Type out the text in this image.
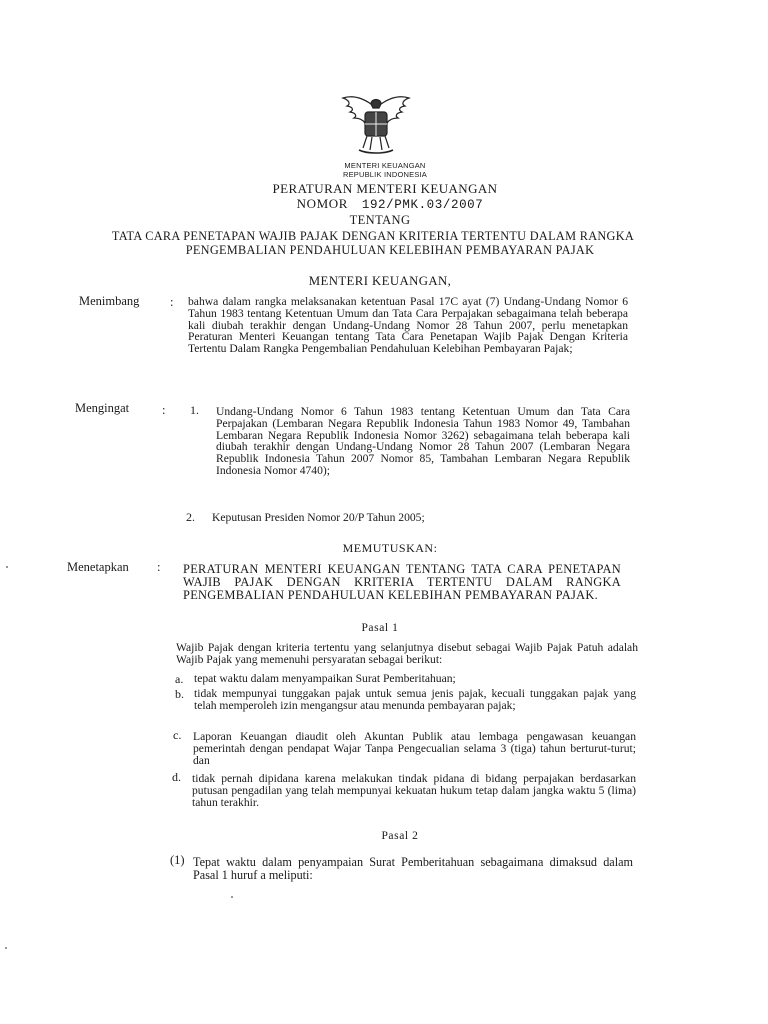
MENTERI KEUANGAN
REPUBLIK INDONESIA
PERATURAN MENTERI KEUANGAN
NOMOR 192/PMK.03/2007
TENTANG
TATA CARA PENETAPAN WAJIB PAJAK DENGAN KRITERIA TERTENTU DALAM RANGKA
PENGEMBALIAN PENDAHULUAN KELEBIHAN PEMBAYARAN PAJAK
MENTERI KEUANGAN,
Menimbang : bahwa dalam rangka melaksanakan ketentuan Pasal 17C ayat (7) Undang-Undang Nomor 6 Tahun 1983 tentang Ketentuan Umum dan Tata Cara Perpajakan sebagaimana telah beberapa kali diubah terakhir dengan Undang-Undang Nomor 28 Tahun 2007, perlu menetapkan Peraturan Menteri Keuangan tentang Tata Cara Penetapan Wajib Pajak Dengan Kriteria Tertentu Dalam Rangka Pengembalian Pendahuluan Kelebihan Pembayaran Pajak;
Mengingat	: 1. Undang-Undang Nomor 6 Tahun 1983 tentang Ketentuan Umum dan Tata Cara Perpajakan (Lembaran Negara Republik Indonesia Tahun 1983 Nomor 49, Tambahan Lembaran Negara Republik Indonesia Nomor 3262) sebagaimana telah beberapa kali diubah terakhir dengan Undang-Undang Nomor 28 Tahun 2007 (Lembaran Negara Republik Indonesia Tahun 2007 Nomor 85, Tambahan Lembaran Negara Republik Indonesia Nomor 4740);
2. Keputusan Presiden Nomor 20/P Tahun 2005;
MEMUTUSKAN:
Menetapkan : PERATURAN MENTERI KEUANGAN TENTANG TATA CARA PENETAPAN WAJIB PAJAK DENGAN KRITERIA TERTENTU DALAM RANGKA PENGEMBALIAN PENDAHULUAN KELEBIHAN PEMBAYARAN PAJAK.
Pasal 1
Wajib Pajak dengan kriteria tertentu yang selanjutnya disebut sebagai Wajib Pajak Patuh adalah Wajib Pajak yang memenuhi persyaratan sebagai berikut:
a. tepat waktu dalam menyampaikan Surat Pemberitahuan;
b. tidak mempunyai tunggakan pajak untuk semua jenis pajak, kecuali tunggakan pajak yang telah memperoleh izin mengangsur atau menunda pembayaran pajak;
c. Laporan Keuangan diaudit oleh Akuntan Publik atau lembaga pengawasan keuangan pemerintah dengan pendapat Wajar Tanpa Pengecualian selama 3 (tiga) tahun berturut-turut; dan
d. tidak pernah dipidana karena melakukan tindak pidana di bidang perpajakan berdasarkan putusan pengadilan yang telah mempunyai kekuatan hukum tetap dalam jangka waktu 5 (lima) tahun terakhir.
Pasal 2
(1) Tepat waktu dalam penyampaian Surat Pemberitahuan sebagaimana dimaksud dalam Pasal 1 huruf a meliputi:
